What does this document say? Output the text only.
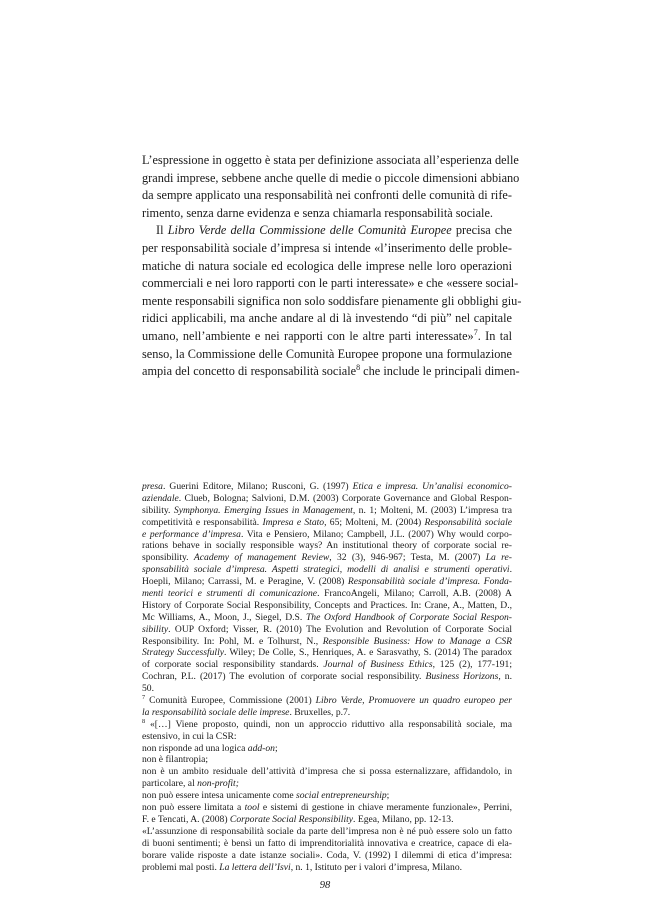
L’espressione in oggetto è stata per definizione associata all’esperienza delle
grandi imprese, sebbene anche quelle di medie o piccole dimensioni abbiano
da sempre applicato una responsabilità nei confronti delle comunità di rife-
rimento, senza darne evidenza e senza chiamarla responsabilità sociale.
Il Libro Verde della Commissione delle Comunità Europee precisa che
per responsabilità sociale d’impresa si intende «l’inserimento delle proble-
matiche di natura sociale ed ecologica delle imprese nelle loro operazioni
commerciali e nei loro rapporti con le parti interessate» e che «essere social-
mente responsabili significa non solo soddisfare pienamente gli obblighi giu-
ridici applicabili, ma anche andare al di là investendo “di più” nel capitale
umano, nell’ambiente e nei rapporti con le altre parti interessate»$^7$. In tal
senso, la Commissione delle Comunità Europee propone una formulazione
ampia del concetto di responsabilità sociale$^8$ che include le principali dimen-
presa. Guerini Editore, Milano; Rusconi, G. (1997) Etica e impresa. Un’analisi economico-
aziendale. Clueb, Bologna; Salvioni, D.M. (2003) Corporate Governance and Global Respon-
sibility. Symphonya. Emerging Issues in Management, n. 1; Molteni, M. (2003) L’impresa tra
competitività e responsabilità. Impresa e Stato, 65; Molteni, M. (2004) Responsabilità sociale
e performance d’impresa. Vita e Pensiero, Milano; Campbell, J.L. (2007) Why would corpo-
rations behave in socially responsible ways? An institutional theory of corporate social re-
sponsibility. Academy of management Review, 32 (3), 946-967; Testa, M. (2007) La re-
sponsabilità sociale d’impresa. Aspetti strategici, modelli di analisi e strumenti operativi.
Hoepli, Milano; Carrassi, M. e Peragine, V. (2008) Responsabilità sociale d’impresa. Fonda-
menti teorici e strumenti di comunicazione. FrancoAngeli, Milano; Carroll, A.B. (2008) A
History of Corporate Social Responsibility, Concepts and Practices. In: Crane, A., Matten, D.,
Mc Williams, A., Moon, J., Siegel, D.S. The Oxford Handbook of Corporate Social Respon-
sibility. OUP Oxford; Visser, R. (2010) The Evolution and Revolution of Corporate Social
Responsibility. In: Pohl, M. e Tolhurst, N., Responsible Business: How to Manage a CSR
Strategy Successfully. Wiley; De Colle, S., Henriques, A. e Sarasvathy, S. (2014) The paradox
of corporate social responsibility standards. Journal of Business Ethics, 125 (2), 177-191;
Cochran, P.L. (2017) The evolution of corporate social responsibility. Business Horizons, n.
50.
$^7$ Comunità Europee, Commissione (2001) Libro Verde, Promuovere un quadro europeo per
la responsabilità sociale delle imprese. Bruxelles, p.7.
$^8$ «[…] Viene proposto, quindi, non un approccio riduttivo alla responsabilità sociale, ma
estensivo, in cui la CSR:
non risponde ad una logica add-on;
non è filantropia;
non è un ambito residuale dell’attività d’impresa che si possa esternalizzare, affidandolo, in
particolare, al non-profit;
non può essere intesa unicamente come social entrepreneurship;
non può essere limitata a tool e sistemi di gestione in chiave meramente funzionale», Perrini,
F. e Tencati, A. (2008) Corporate Social Responsibility. Egea, Milano, pp. 12-13.
«L’assunzione di responsabilità sociale da parte dell’impresa non è né può essere solo un fatto
di buoni sentimenti; è bensì un fatto di imprenditorialità innovativa e creatrice, capace di ela-
borare valide risposte a date istanze sociali». Coda, V. (1992) I dilemmi di etica d’impresa:
problemi mal posti. La lettera dell’Isvi, n. 1, Istituto per i valori d’impresa, Milano.
98
